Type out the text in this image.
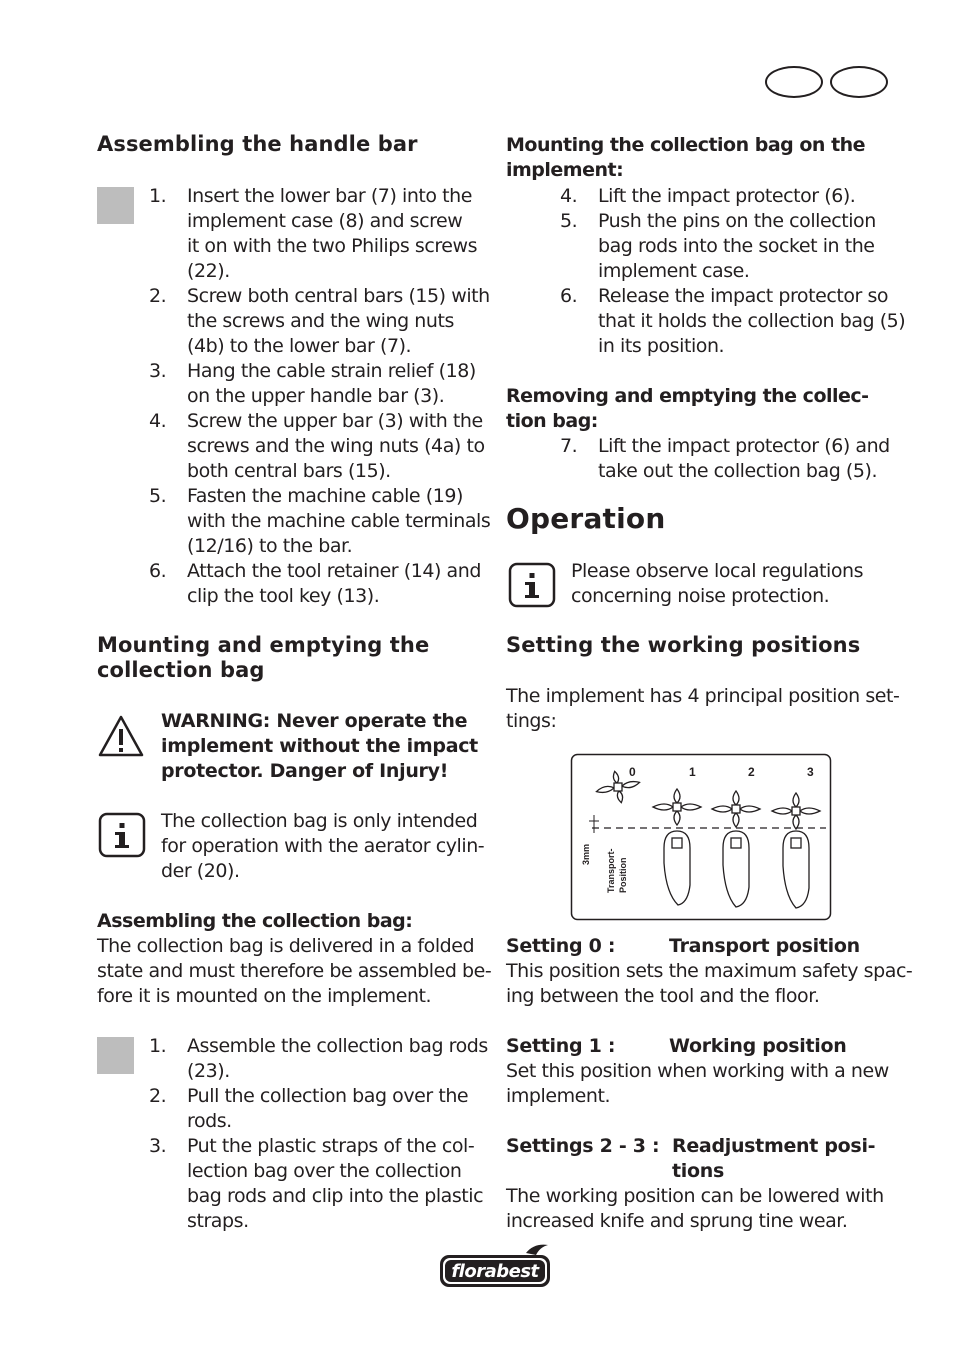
Assembling the handle bar
1. Insert the lower bar (7) into the
implement case (8) and screw
it on with the two Philips screws
(22).
2. Screw both central bars (15) with
the screws and the wing nuts
(4b) to the lower bar (7).
3. Hang the cable strain relief (18)
on the upper handle bar (3).
4. Screw the upper bar (3) with the
screws and the wing nuts (4a) to
both central bars (15).
5. Fasten the machine cable (19)
with the machine cable terminals
(12/16) to the bar.
6. Attach the tool retainer (14) and
clip the tool key (13).
Mounting and emptying the
collection bag
WARNING: Never operate the
implement without the impact
protector. Danger of Injury!
The collection bag is only intended
for operation with the aerator cylin-
der (20).
Assembling the collection bag:
The collection bag is delivered in a folded
state and must therefore be assembled be-
fore it is mounted on the implement.
1. Assemble the collection bag rods
(23).
2. Pull the collection bag over the
rods.
3. Put the plastic straps of the col-
lection bag over the collection
bag rods and clip into the plastic
straps.
Mounting the collection bag on the
implement:
4. Lift the impact protector (6).
5. Push the pins on the collection
bag rods into the socket in the
implement case.
6. Release the impact protector so
that it holds the collection bag (5)
in its position.
Removing and emptying the collec-
tion bag:
7. Lift the impact protector (6) and
take out the collection bag (5).
Operation
Please observe local regulations
concerning noise protection.
Setting the working positions
The implement has 4 principal position set-
tings:
0	1	2	3
3mm Transport- Position
Setting 0 :	Transport position
This position sets the maximum safety spac-
ing between the tool and the floor.
Setting 1 :	Working position
Set this position when working with a new
implement.
Settings 2 - 3 : Readjustment posi-
tions
The working position can be lowered with
increased knife and sprung tine wear.
florabest
